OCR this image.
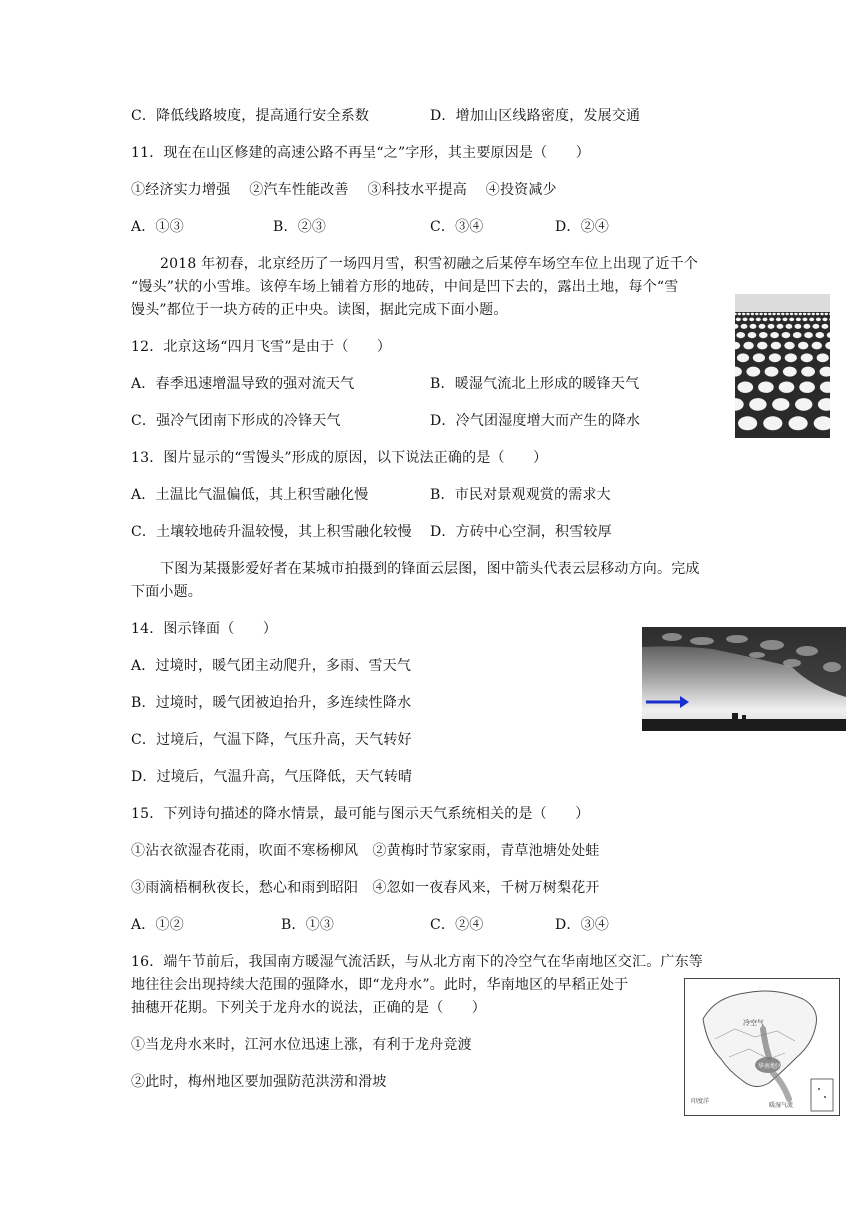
C．降低线路坡度，提高通行安全系数	D．增加山区线路密度，发展交通
11．现在在山区修建的高速公路不再呈“之”字形，其主要原因是（　　）
①经济实力增强　 ②汽车性能改善　 ③科技水平提高　 ④投资减少
A．①③	B．②③	C．③④	D．②④
2018 年初春，北京经历了一场四月雪，积雪初融之后某停车场空车位上出现了近千个
“馒头”状的小雪堆。该停车场上铺着方形的地砖，中间是凹下去的，露出土地，每个“雪
馒头”都位于一块方砖的正中央。读图，据此完成下面小题。
12．北京这场“四月飞雪”是由于（　　）
A．春季迅速增温导致的强对流天气	B．暖湿气流北上形成的暖锋天气
C．强冷气团南下形成的冷锋天气	D．冷气团湿度增大而产生的降水
13．图片显示的“雪馒头”形成的原因，以下说法正确的是（　　）
A．土温比气温偏低，其上积雪融化慢	B．市民对景观观赏的需求大
C．土壤较地砖升温较慢，其上积雪融化较慢 D．方砖中心空洞，积雪较厚
下图为某摄影爱好者在某城市拍摄到的锋面云层图，图中箭头代表云层移动方向。完成
下面小题。
14．图示锋面（　　）
A．过境时，暖气团主动爬升，多雨、雪天气
B．过境时，暖气团被迫抬升，多连续性降水
C．过境后，气温下降，气压升高，天气转好
D．过境后，气温升高，气压降低，天气转晴
15．下列诗句描述的降水情景，最可能与图示天气系统相关的是（　　）
①沾衣欲湿杏花雨，吹面不寒杨柳风　②黄梅时节家家雨，青草池塘处处蛙
③雨滴梧桐秋夜长，愁心和雨到昭阳　④忽如一夜春风来，千树万树梨花开
A．①②	B．①③	C．②④	D．③④
16．端午节前后，我国南方暖湿气流活跃，与从北方南下的冷空气在华南地区交汇。广东等
地往往会出现持续大范围的强降水，即“龙舟水”。此时，华南地区的早稻正处于
抽穗开花期。下列关于龙舟水的说法，正确的是（　　）
①当龙舟水来时，江河水位迅速上涨，有利于龙舟竞渡
②此时，梅州地区要加强防范洪涝和滑坡
冷空气
华南地区
暖湿气流
印度洋
